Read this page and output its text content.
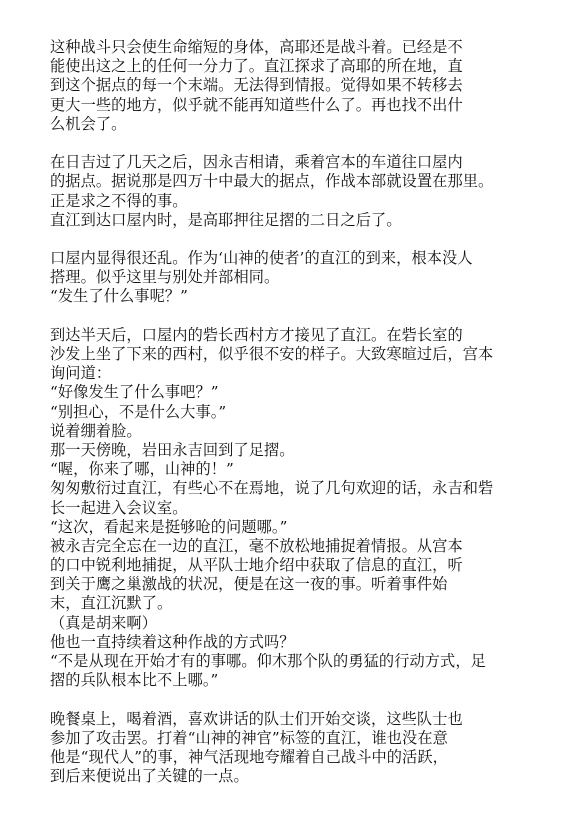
这种战斗只会使生命缩短的身体，高耶还是战斗着。已经是不
能使出这之上的任何一分力了。直江探求了高耶的所在地，直
到这个据点的每一个末端。无法得到情报。觉得如果不转移去
更大一些的地方，似乎就不能再知道些什么了。再也找不出什
么机会了。
在日吉过了几天之后，因永吉相请，乘着宫本的车道往口屋内
的据点。据说那是四万十中最大的据点，作战本部就设置在那里。
正是求之不得的事。
直江到达口屋内时，是高耶押往足摺的二日之后了。
口屋内显得很还乱。作为‘山神的使者’的直江的到来，根本没人
搭理。似乎这里与别处并部相同。
“发生了什么事呢？”
到达半天后，口屋内的砦长西村方才接见了直江。在砦长室的
沙发上坐了下来的西村，似乎很不安的样子。大致寒暄过后，宫本
询问道：
“好像发生了什么事吧？”
“别担心，不是什么大事。”
说着绷着脸。
那一天傍晚，岩田永吉回到了足摺。
“喔，你来了哪，山神的！”
匆匆敷衍过直江，有些心不在焉地，说了几句欢迎的话，永吉和砦
长一起进入会议室。
“这次，看起来是挺够呛的问题哪。”
被永吉完全忘在一边的直江，毫不放松地捕捉着情报。从宫本
的口中锐利地捕捉，从平队士地介绍中获取了信息的直江，听
到关于鹰之巢激战的状况，便是在这一夜的事。听着事件始
末，直江沉默了。
（真是胡来啊）
他也一直持续着这种作战的方式吗？
“不是从现在开始才有的事哪。仰木那个队的勇猛的行动方式，足
摺的兵队根本比不上哪。”
晚餐桌上，喝着酒，喜欢讲话的队士们开始交谈，这些队士也
参加了攻击罢。打着“山神的神官”标签的直江，谁也没在意
他是“现代人”的事，神气活现地夸耀着自己战斗中的活跃，
到后来便说出了关键的一点。
